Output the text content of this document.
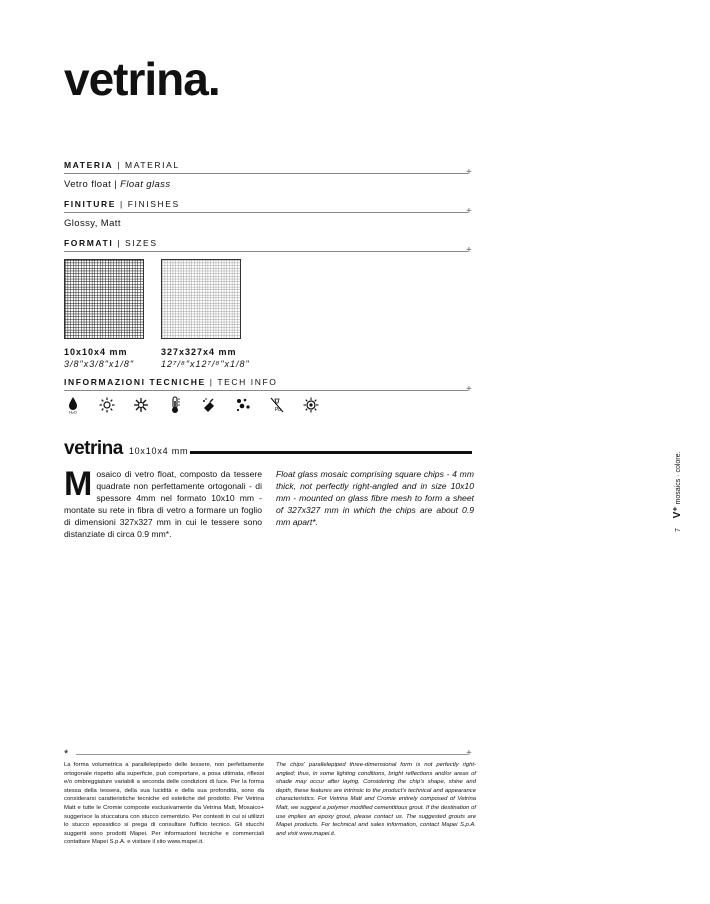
vetrina.
MATERIA | MATERIAL
+
Vetro float | Float glass
FINITURE | FINISHES
+
Glossy, Matt
FORMATI | SIZES
+
10x10x4 mm
3/8"x3/8"x1/8"
327x327x4 mm
12⁷/⁸"x12⁷/⁸"x1/8"
INFORMAZIONI TECNICHE | TECH INFO
+
H₂O	Pb
vetrina 10x10x4 mm
Mosaico di vetro float, composto da tessere quadrate non perfettamente ortogonali - di spessore 4mm nel formato 10x10 mm - montate su rete in fibra di vetro a formare un foglio di dimensioni 327x327 mm in cui le tessere sono distanziate di circa 0.9 mm*.
Float glass mosaic comprising square chips - 4 mm thick, not perfectly right-angled and in size 10x10 mm - mounted on glass fibre mesh to form a sheet of 327x327 mm in which the chips are about 0.9 mm apart*.
*	+
La forma volumetrica a parallelepipedo delle tessere, non perfettamente ortogonale rispetto alla superficie, può comportare, a posa ultimata, riflessi e/o ombreggiature variabili a seconda delle condizioni di luce. Per la forma stessa della tessera, della sua lucidità e della sua profondità, sono da considerarsi caratteristiche tecniche ed estetiche del prodotto. Per Vetrina Matt e tutte le Cromie composte esclusivamente da Vetrina Matt, Mosaico+ suggerisce la stuccatura con stucco cementizio. Per contesti in cui si utilizzi lo stucco epossidico si prega di consultare l'ufficio tecnico. Gli stucchi suggeriti sono prodotti Mapei. Per informazioni tecniche e commerciali contattare Mapei S.p.A. e visitare il sito www.mapei.it.
The chips' parallelepiped three-dimensional form is not perfectly right-angled; thus, in some lighting conditions, bright reflections and/or areas of shade may occur after laying. Considering the chip's shape, shine and depth, these features are intrinsic to the product's technical and appearance characteristics. For Vetrina Matt and Cromie entirely composed of Vetrina Matt, we suggest a polymer modified cementitious grout. If the destination of use implies an epoxy grout, please contact us. The suggested grouts are Mapei products. For technical and sales information, contact Mapei S.p.A. and visit www.mapei.it.
7     V⁺ mosaics · colore.
